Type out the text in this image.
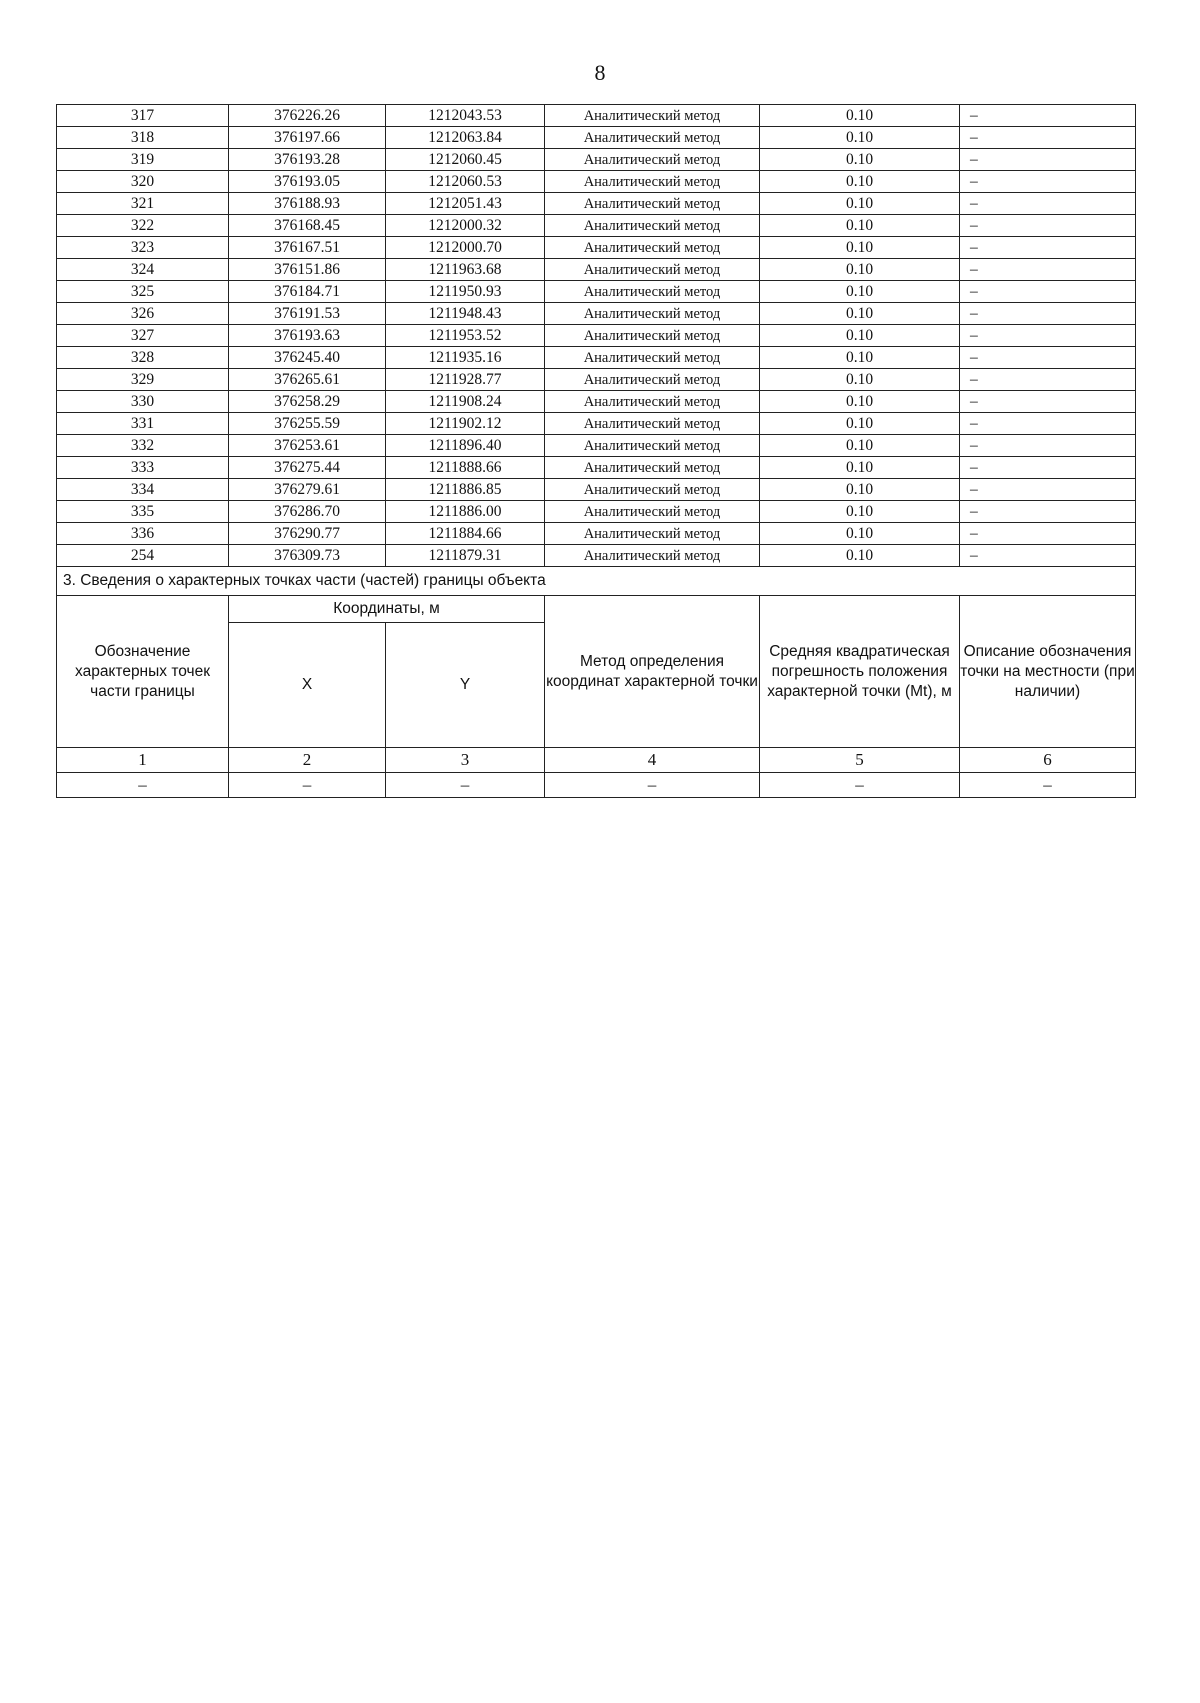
8
317	376226.26	1212043.53	Аналитический метод	0.10	–
318	376197.66	1212063.84	Аналитический метод	0.10	–
319	376193.28	1212060.45	Аналитический метод	0.10	–
320	376193.05	1212060.53	Аналитический метод	0.10	–
321	376188.93	1212051.43	Аналитический метод	0.10	–
322	376168.45	1212000.32	Аналитический метод	0.10	–
323	376167.51	1212000.70	Аналитический метод	0.10	–
324	376151.86	1211963.68	Аналитический метод	0.10	–
325	376184.71	1211950.93	Аналитический метод	0.10	–
326	376191.53	1211948.43	Аналитический метод	0.10	–
327	376193.63	1211953.52	Аналитический метод	0.10	–
328	376245.40	1211935.16	Аналитический метод	0.10	–
329	376265.61	1211928.77	Аналитический метод	0.10	–
330	376258.29	1211908.24	Аналитический метод	0.10	–
331	376255.59	1211902.12	Аналитический метод	0.10	–
332	376253.61	1211896.40	Аналитический метод	0.10	–
333	376275.44	1211888.66	Аналитический метод	0.10	–
334	376279.61	1211886.85	Аналитический метод	0.10	–
335	376286.70	1211886.00	Аналитический метод	0.10	–
336	376290.77	1211884.66	Аналитический метод	0.10	–
254	376309.73	1211879.31	Аналитический метод	0.10	–
3. Сведения о характерных точках части (частей) границы объекта					
Обозначение характерных точек части границы	Координаты, м		Метод определения координат характерной точки	Средняя квадратическая погрешность положения характерной точки (Mt), м	Описание обозначения точки на местности (при наличии)
	X	Y			
1	2	3	4	5	6
–	–	–	–	–	–
